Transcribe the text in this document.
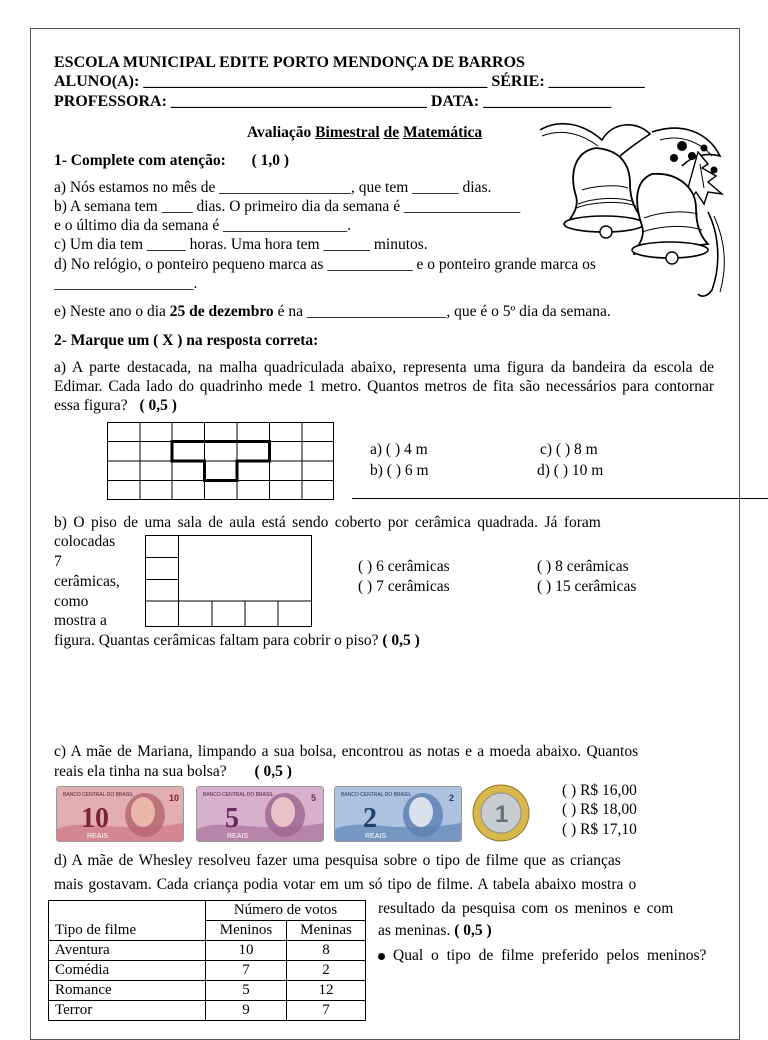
ESCOLA MUNICIPAL EDITE PORTO MENDONÇA DE BARROS
ALUNO(A): ___________________________________________ SÉRIE: ____________
PROFESSORA: ________________________________ DATA: ________________
Avaliação Bimestral de Matemática
1- Complete com atenção: ( 1,0 )
a) Nós estamos no mês de _________________, que tem ______ dias.
b) A semana tem ____ dias. O primeiro dia da semana é _______________
e o último dia da semana é ________________.
c) Um dia tem _____ horas. Uma hora tem ______ minutos.
d) No relógio, o ponteiro pequeno marca as ___________ e o ponteiro grande marca os
__________________.
e) Neste ano o dia 25 de dezembro é na __________________, que é o 5º dia da semana.
2- Marque um ( X ) na resposta correta:
a) A parte destacada, na malha quadriculada abaixo, representa uma figura da bandeira da escola de Edimar. Cada lado do quadrinho mede 1 metro. Quantos metros de fita são necessários para contornar essa figura? ( 0,5 )
a) ( ) 4 m
b) ( ) 6 m
c) ( ) 8 m
d) ( ) 10 m
b) O piso de uma sala de aula está sendo coberto por cerâmica quadrada. Já foram
colocadas
7
cerâmicas,
como
mostra a
( ) 6 cerâmicas
( ) 7 cerâmicas
( ) 8 cerâmicas
( ) 15 cerâmicas
figura. Quantas cerâmicas faltam para cobrir o piso? ( 0,5 )
c) A mãe de Mariana, limpando a sua bolsa, encontrou as notas e a moeda abaixo. Quantos
reais ela tinha na sua bolsa? ( 0,5 )
BANCO CENTRAL DO BRASIL
10
REAIS
10	BANCO CENTRAL DO BRASIL
5
REAIS
5	BANCO CENTRAL DO BRASIL
2
REAIS
2
1
( ) R$ 16,00
( ) R$ 18,00
( ) R$ 17,10
d) A mãe de Whesley resolveu fazer uma pesquisa sobre o tipo de filme que as crianças
mais gostavam. Cada criança podia votar em um só tipo de filme. A tabela abaixo mostra o
resultado da pesquisa com os meninos e com
as meninas. ( 0,5 )
Qual o tipo de filme preferido pelos meninos?
Tipo de filme	Número de votos	
	Meninos	Meninas
Aventura	10	8
Comédia	7	2
Romance	5	12
Terror	9	7
